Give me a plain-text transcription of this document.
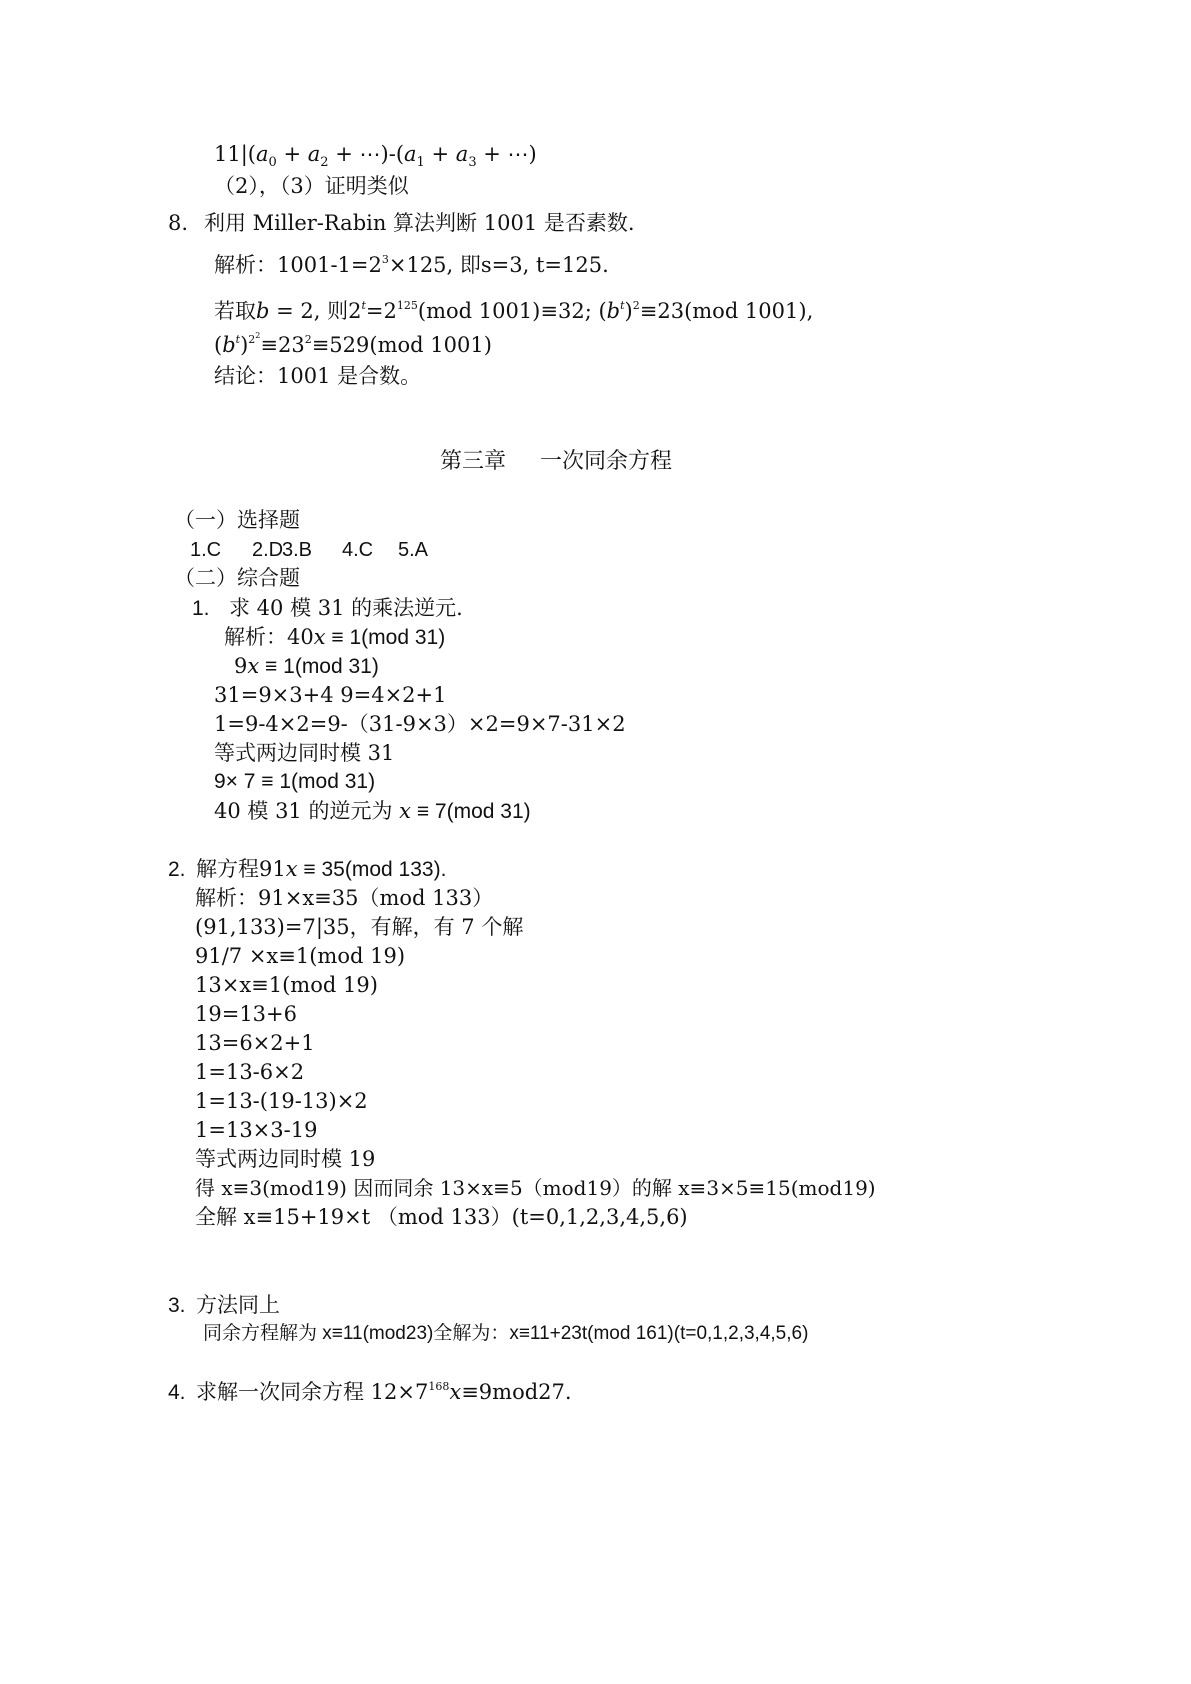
$11|(a_0 + a_2$ + $\cdots)-(a_1 + a_3$ + ⋯)
（2），（3）证明类似
8. 利用 Miller-Rabin 算法判断 1001 是否素数.
解析：$1001-1=2^3\times 125$, 即s=3, t=125.
若取b = 2, 则$2^t=2^{125}(mod$ 1001)≡32; $(b^t)^2\equiv 23(mod$ 1001),
$(b^t)^{2^2}\equiv 23^2\equiv 529(mod$ 1001)
结论：1001 是合数。
第三章 一次同余方程
（一）选择题
1.C 2.D3.B 4.C 5.A
（二）综合题
1. 求 40 模 31 的乘法逆元.
解析：40x ≡ 1(mod 31)
9x ≡ 1(mod 31)
31=9×3+4 9=4×2+1
1=9-4×2=9-（31-9×3）×2=9×7-31×2
等式两边同时模 31
9× 7 ≡ 1(mod 31)
40 模 31 的逆元为 x ≡ 7(mod 31)
2. 解方程91x ≡ 35(mod 133).
解析：91×x≡35（mod 133）
(91,133)=7|35，有解，有 7 个解
91/7 ×x≡1(mod 19)
13×x≡1(mod 19)
19=13+6
13=6×2+1
1=13-6×2
1=13-(19-13)×2
1=13×3-19
等式两边同时模 19
得 x≡3(mod19) 因而同余 13×x≡5（mod19）的解 x≡3×5≡15(mod19)
全解 x≡15+19×t （mod 133）(t=0,1,2,3,4,5,6)
3. 方法同上
同余方程解为 x≡11(mod23)全解为：x≡11+23t(mod 161)(t=0,1,2,3,4,5,6)
4. 求解一次同余方程 $12\times 7^{168}x\equiv 9mod27$.
